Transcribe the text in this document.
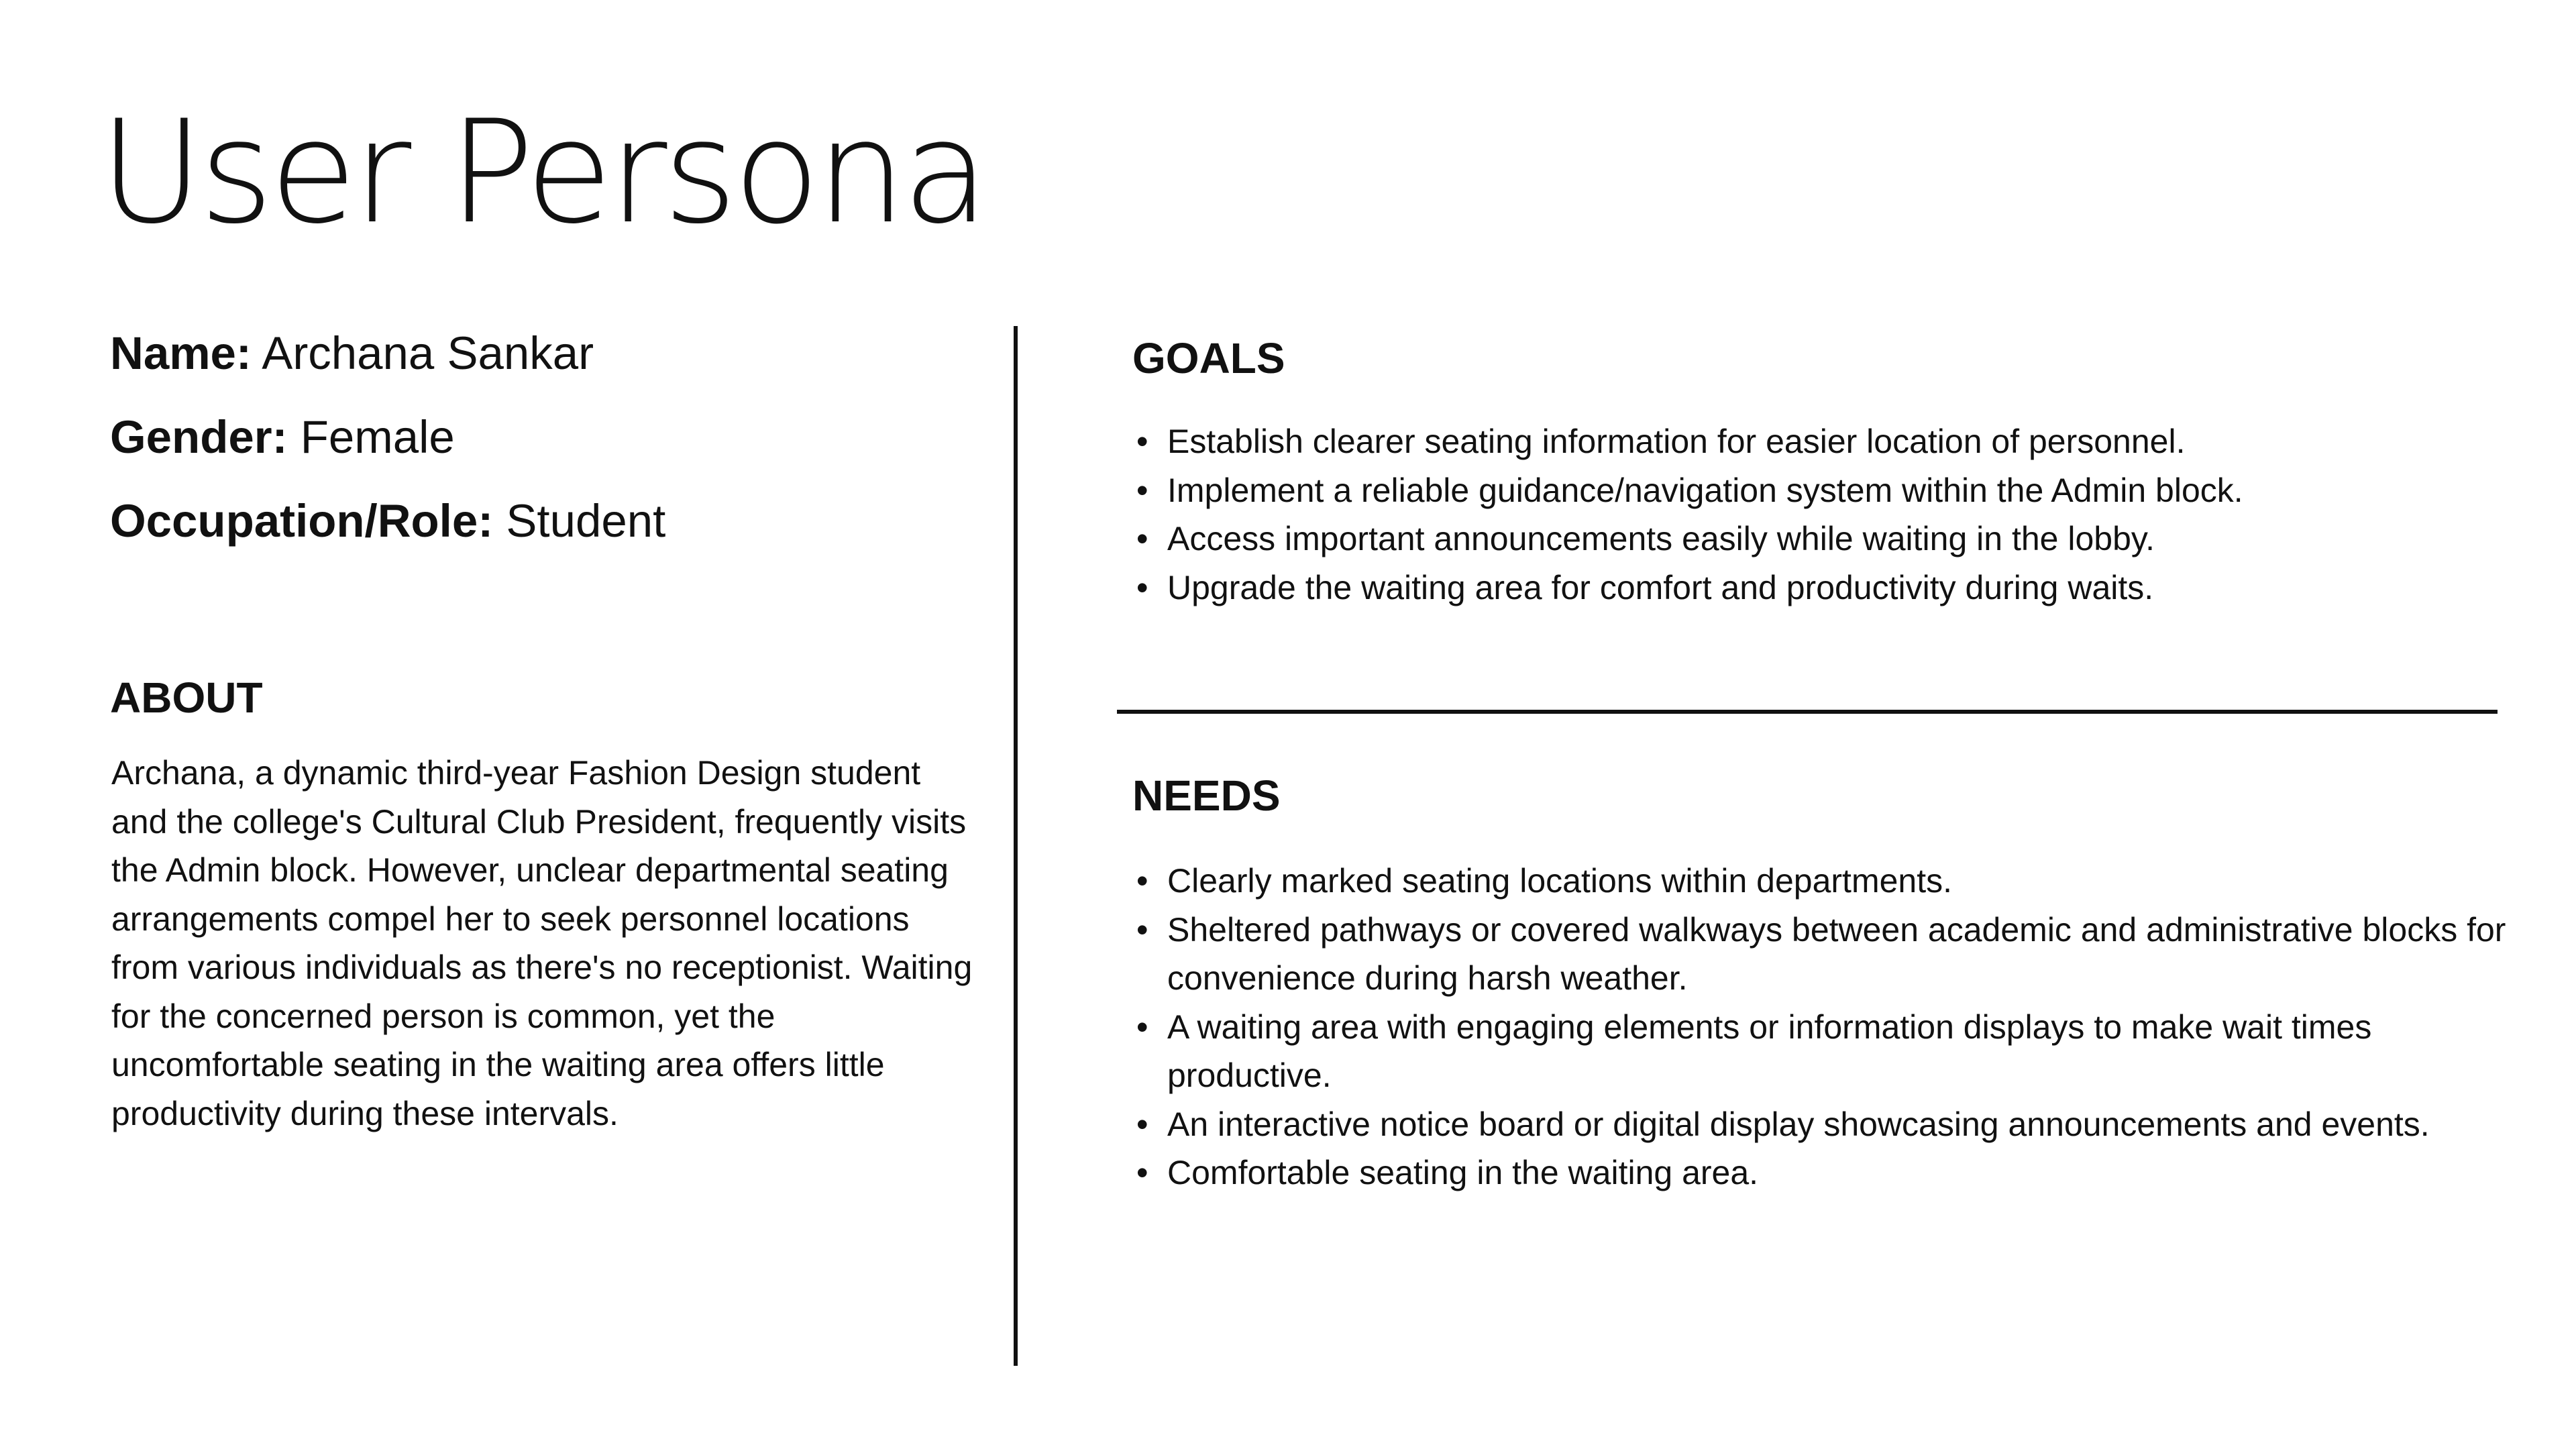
User Persona

Name: Archana Sankar

Gender: Female

Occupation/Role: Student

ABOUT

Archana, a dynamic third-year Fashion Design student and the college's Cultural Club President, frequently visits the Admin block. However, unclear departmental seating arrangements compel her to seek personnel locations from various individuals as there's no receptionist. Waiting for the concerned person is common, yet the uncomfortable seating in the waiting area offers little productivity during these intervals.

GOALS
• Establish clearer seating information for easier location of personnel.
• Implement a reliable guidance/navigation system within the Admin block.
• Access important announcements easily while waiting in the lobby.
• Upgrade the waiting area for comfort and productivity during waits.
NEEDS
• Clearly marked seating locations within departments.
• Sheltered pathways or covered walkways between academic and administrative blocks for convenience during harsh weather.
• A waiting area with engaging elements or information displays to make wait times productive.
• An interactive notice board or digital display showcasing announcements and events.
• Comfortable seating in the waiting area.
